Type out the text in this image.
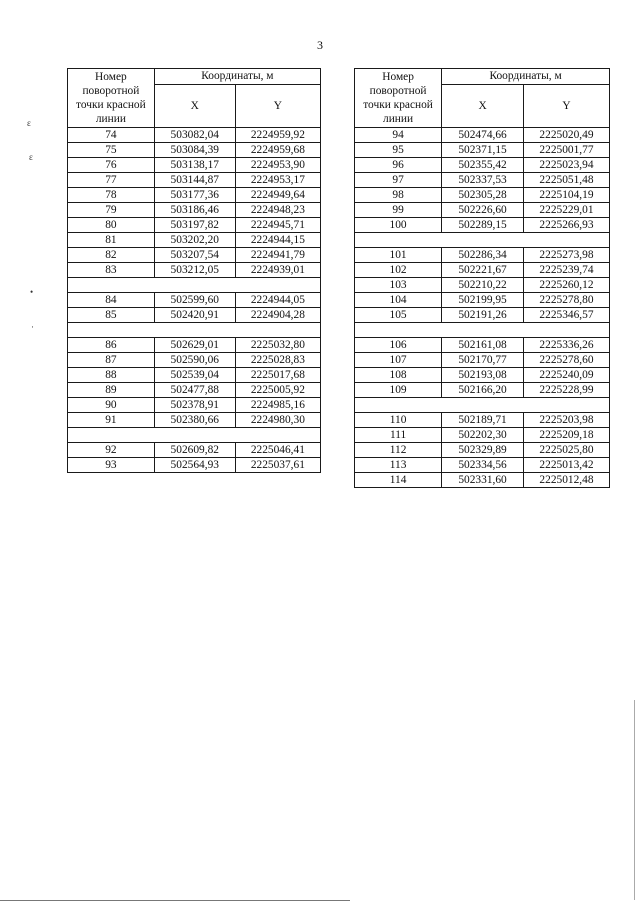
3
ɛ
ɛ
•
·
Номер
поворотной
точки красной
линии	Координаты, м	
	X	Y
74	503082,04	2224959,92
75	503084,39	2224959,68
76	503138,17	2224953,90
77	503144,87	2224953,17
78	503177,36	2224949,64
79	503186,46	2224948,23
80	503197,82	2224945,71
81	503202,20	2224944,15
82	503207,54	2224941,79
83	503212,05	2224939,01

84	502599,60	2224944,05
85	502420,91	2224904,28

86	502629,01	2225032,80
87	502590,06	2225028,83
88	502539,04	2225017,68
89	502477,88	2225005,92
90	502378,91	2224985,16
91	502380,66	2224980,30

92	502609,82	2225046,41
93	502564,93	2225037,61
Номер
поворотной
точки красной
линии	Координаты, м	
	X	Y
94	502474,66	2225020,49
95	502371,15	2225001,77
96	502355,42	2225023,94
97	502337,53	2225051,48
98	502305,28	2225104,19
99	502226,60	2225229,01
100	502289,15	2225266,93

101	502286,34	2225273,98
102	502221,67	2225239,74
103	502210,22	2225260,12
104	502199,95	2225278,80
105	502191,26	2225346,57

106	502161,08	2225336,26
107	502170,77	2225278,60
108	502193,08	2225240,09
109	502166,20	2225228,99

110	502189,71	2225203,98
111	502202,30	2225209,18
112	502329,89	2225025,80
113	502334,56	2225013,42
114	502331,60	2225012,48
